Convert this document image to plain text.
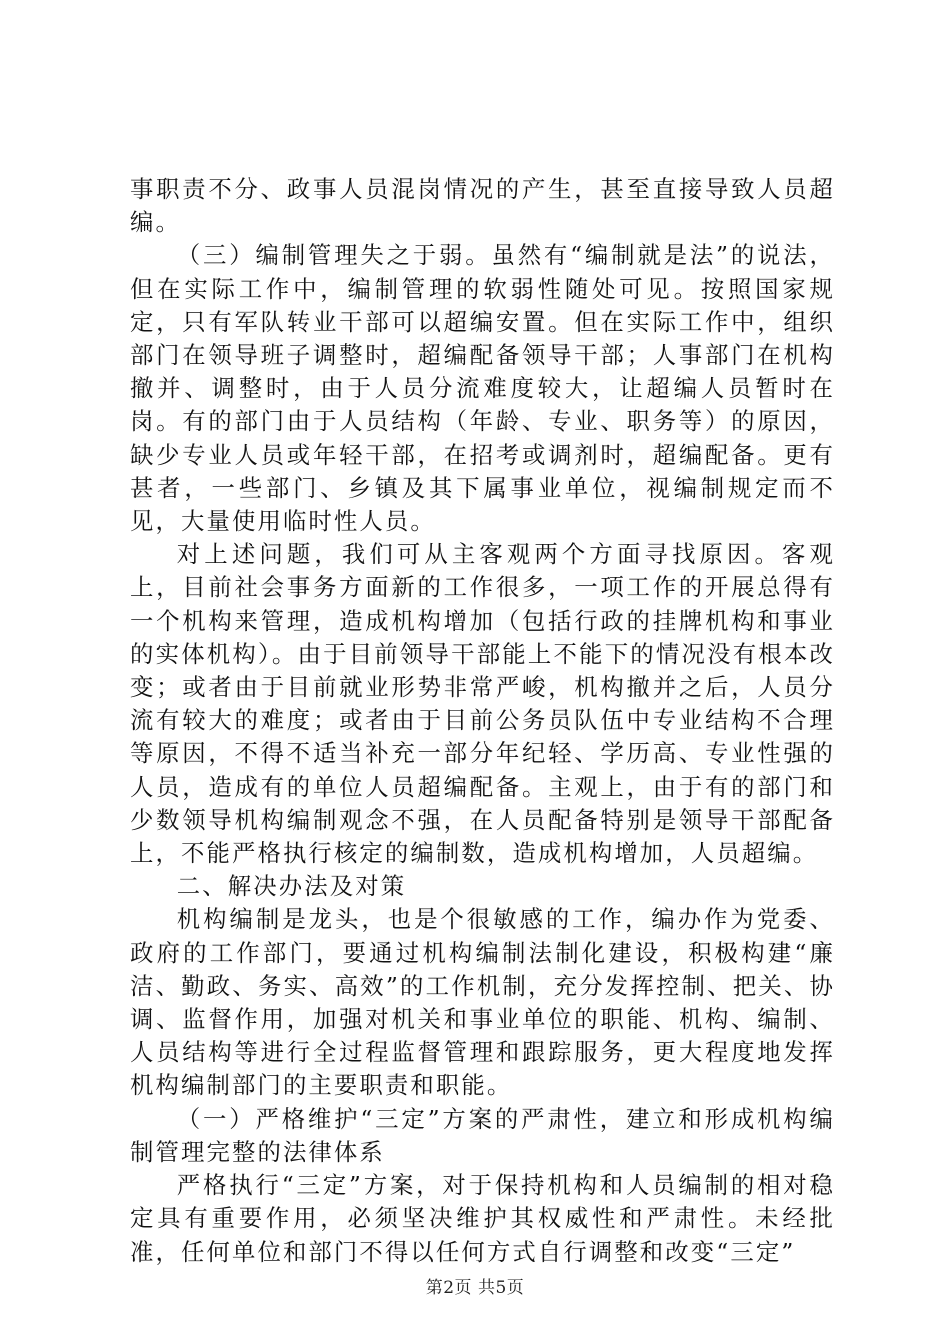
事职责不分、政事人员混岗情况的产生，甚至直接导致人员超编。

（三）编制管理失之于弱。虽然有“编制就是法”的说法，但在实际工作中，编制管理的软弱性随处可见。按照国家规定，只有军队转业干部可以超编安置。但在实际工作中，组织部门在领导班子调整时，超编配备领导干部；人事部门在机构撤并、调整时，由于人员分流难度较大，让超编人员暂时在岗。有的部门由于人员结构（年龄、专业、职务等）的原因，缺少专业人员或年轻干部，在招考或调剂时，超编配备。更有甚者，一些部门、乡镇及其下属事业单位，视编制规定而不见，大量使用临时性人员。

对上述问题，我们可从主客观两个方面寻找原因。客观上，目前社会事务方面新的工作很多，一项工作的开展总得有一个机构来管理，造成机构增加（包括行政的挂牌机构和事业的实体机构）。由于目前领导干部能上不能下的情况没有根本改变；或者由于目前就业形势非常严峻，机构撤并之后，人员分流有较大的难度；或者由于目前公务员队伍中专业结构不合理等原因，不得不适当补充一部分年纪轻、学历高、专业性强的人员，造成有的单位人员超编配备。主观上，由于有的部门和少数领导机构编制观念不强，在人员配备特别是领导干部配备上，不能严格执行核定的编制数，造成机构增加，人员超编。

二、解决办法及对策

机构编制是龙头，也是个很敏感的工作，编办作为党委、政府的工作部门，要通过机构编制法制化建设，积极构建“廉洁、勤政、务实、高效”的工作机制，充分发挥控制、把关、协调、监督作用，加强对机关和事业单位的职能、机构、编制、人员结构等进行全过程监督管理和跟踪服务，更大程度地发挥机构编制部门的主要职责和职能。

（一）严格维护“三定”方案的严肃性，建立和形成机构编制管理完整的法律体系

严格执行“三定”方案，对于保持机构和人员编制的相对稳定具有重要作用，必须坚决维护其权威性和严肃性。未经批准，任何单位和部门不得以任何方式自行调整和改变“三定”

第2页 共5页
